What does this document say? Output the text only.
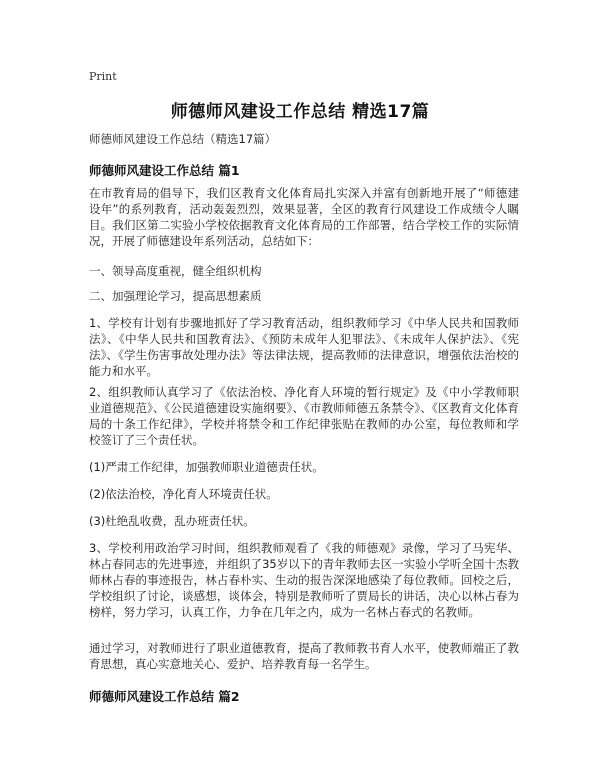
Print
师德师风建设工作总结 精选17篇
师德师风建设工作总结（精选17篇）
师德师风建设工作总结 篇1
在市教育局的倡导下，我们区教育文化体育局扎实深入并富有创新地开展了“师德建设年”的系列教育，活动轰轰烈烈，效果显著，全区的教育行风建设工作成绩令人瞩目。我们区第二实验小学校依据教育文化体育局的工作部署，结合学校工作的实际情况，开展了师德建设年系列活动，总结如下：
一、领导高度重视，健全组织机构
二、加强理论学习，提高思想素质
1、学校有计划有步骤地抓好了学习教育活动，组织教师学习《中华人民共和国教师法》、《中华人民共和国教育法》、《预防未成年人犯罪法》、《未成年人保护法》、《宪法》、《学生伤害事故处理办法》等法律法规，提高教师的法律意识，增强依法治校的能力和水平。
2、组织教师认真学习了《依法治校、净化育人环境的暂行规定》及《中小学教师职业道德规范》、《公民道德建设实施纲要》、《市教师师德五条禁令》、《区教育文化体育局的十条工作纪律》，学校并将禁令和工作纪律张贴在教师的办公室，每位教师和学校签订了三个责任状。
(1)严肃工作纪律，加强教师职业道德责任状。
(2)依法治校，净化育人环境责任状。
(3)杜绝乱收费，乱办班责任状。
3、学校利用政治学习时间，组织教师观看了《我的师德观》录像，学习了马宪华、林占春同志的先进事迹，并组织了35岁以下的青年教师去区一实验小学听全国十杰教师林占春的事迹报告，林占春朴实、生动的报告深深地感染了每位教师。回校之后，学校组织了讨论，谈感想，谈体会，特别是教师听了贾局长的讲话，决心以林占春为榜样，努力学习，认真工作，力争在几年之内，成为一名林占春式的名教师。
通过学习，对教师进行了职业道德教育，提高了教师教书育人水平，使教师端正了教育思想，真心实意地关心、爱护、培养教育每一名学生。
师德师风建设工作总结 篇2
